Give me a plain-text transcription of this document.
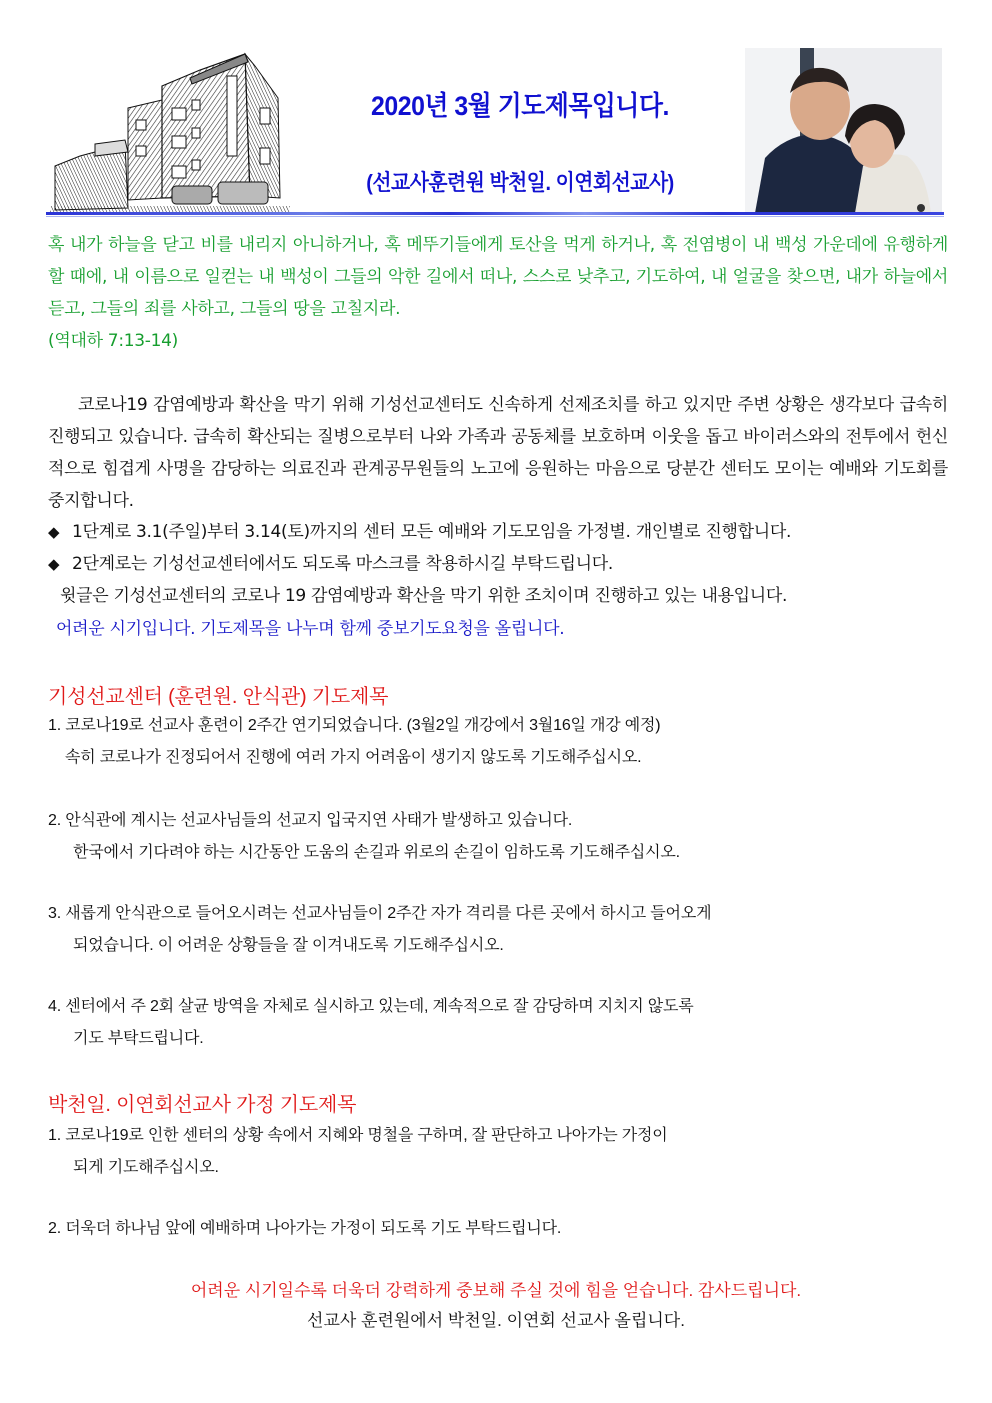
2020년 3월 기도제목입니다.
(선교사훈련원 박천일. 이연회선교사)
혹 내가 하늘을 닫고 비를 내리지 아니하거나, 혹 메뚜기들에게 토산을 먹게 하거나, 혹 전염병이 내 백성 가운데에 유행하게 할 때에, 내 이름으로 일컫는 내 백성이 그들의 악한 길에서 떠나, 스스로 낮추고, 기도하여, 내 얼굴을 찾으면, 내가 하늘에서 듣고, 그들의 죄를 사하고, 그들의 땅을 고칠지라.
(역대하 7:13-14)
코로나19 감염예방과 확산을 막기 위해 기성선교센터도 신속하게 선제조치를 하고 있지만 주변 상황은 생각보다 급속히 진행되고 있습니다. 급속히 확산되는 질병으로부터 나와 가족과 공동체를 보호하며 이웃을 돕고 바이러스와의 전투에서 헌신적으로 힘겹게 사명을 감당하는 의료진과 관계공무원들의 노고에 응원하는 마음으로 당분간 센터도 모이는 예배와 기도회를 중지합니다.
◆ 1단계로 3.1(주일)부터 3.14(토)까지의 센터 모든 예배와 기도모임을 가정별. 개인별로 진행합니다.
◆ 2단계로는 기성선교센터에서도 되도록 마스크를 착용하시길 부탁드립니다.
윗글은 기성선교센터의 코로나 19 감염예방과 확산을 막기 위한 조치이며 진행하고 있는 내용입니다.
어려운 시기입니다. 기도제목을 나누며 함께 중보기도요청을 올립니다.
기성선교센터 (훈련원. 안식관) 기도제목
1. 코로나19로 선교사 훈련이 2주간 연기되었습니다. (3월2일 개강에서 3월16일 개강 예정)
속히 코로나가 진정되어서 진행에 여러 가지 어려움이 생기지 않도록 기도해주십시오.
2. 안식관에 계시는 선교사님들의 선교지 입국지연 사태가 발생하고 있습니다.
한국에서 기다려야 하는 시간동안 도움의 손길과 위로의 손길이 임하도록 기도해주십시오.
3. 새롭게 안식관으로 들어오시려는 선교사님들이 2주간 자가 격리를 다른 곳에서 하시고 들어오게
되었습니다. 이 어려운 상황들을 잘 이겨내도록 기도해주십시오.
4. 센터에서 주 2회 살균 방역을 자체로 실시하고 있는데, 계속적으로 잘 감당하며 지치지 않도록
기도 부탁드립니다.
박천일. 이연회선교사 가정 기도제목
1. 코로나19로 인한 센터의 상황 속에서 지혜와 명철을 구하며, 잘 판단하고 나아가는 가정이
되게 기도해주십시오.
2. 더욱더 하나님 앞에 예배하며 나아가는 가정이 되도록 기도 부탁드립니다.
어려운 시기일수록 더욱더 강력하게 중보해 주실 것에 힘을 얻습니다. 감사드립니다.
선교사 훈련원에서 박천일. 이연회 선교사 올립니다.
